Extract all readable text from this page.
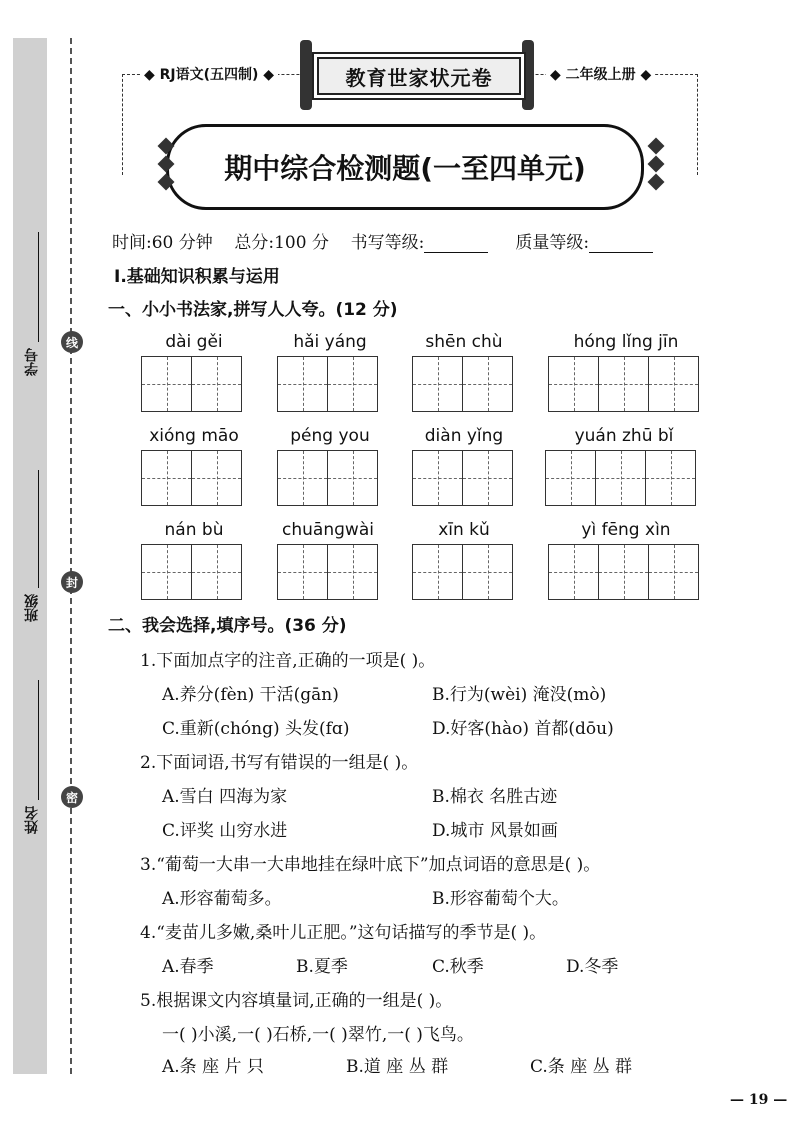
学号
班级
姓名
线
封
密
◆ RJ语文(五四制) ◆	◆ 二年级上册 ◆
教育世家状元卷
期中综合检测题(一至四单元)
时间:60 分钟 总分:100 分 书写等级:	质量等级:
Ⅰ.基础知识积累与运用
一、小小书法家,拼写人人夸。(12 分)
dài gěi	hǎi yáng	shēn chù	hóng lǐng jīn
xióng māo	péng you	diàn yǐng	yuán zhū bǐ
nán bù	chuānɡwài	xīn kǔ	yì fēng xìn
二、我会选择,填序号。(36 分)
1.下面加点字的注音,正确的一项是( )。
A.养分(fèn) 干活(gān)	B.行为(wèi) 淹没(mò)
C.重新(chóng) 头发(fɑ)	D.好客(hào) 首都(dōu)
2.下面词语,书写有错误的一组是( )。
A.雪白 四海为家	B.棉衣 名胜古迹
C.评奖 山穷水进	D.城市 风景如画
3.“葡萄一大串一大串地挂在绿叶底下”加点词语的意思是( )。
A.形容葡萄多。	B.形容葡萄个大。
4.“麦苗儿多嫩,桑叶儿正肥。”这句话描写的季节是( )。
A.春季	B.夏季	C.秋季	D.冬季
5.根据课文内容填量词,正确的一组是( )。
一( )小溪,一( )石桥,一( )翠竹,一( )飞鸟。
A.条 座 片 只	B.道 座 丛 群	C.条 座 丛 群
— 19 —
